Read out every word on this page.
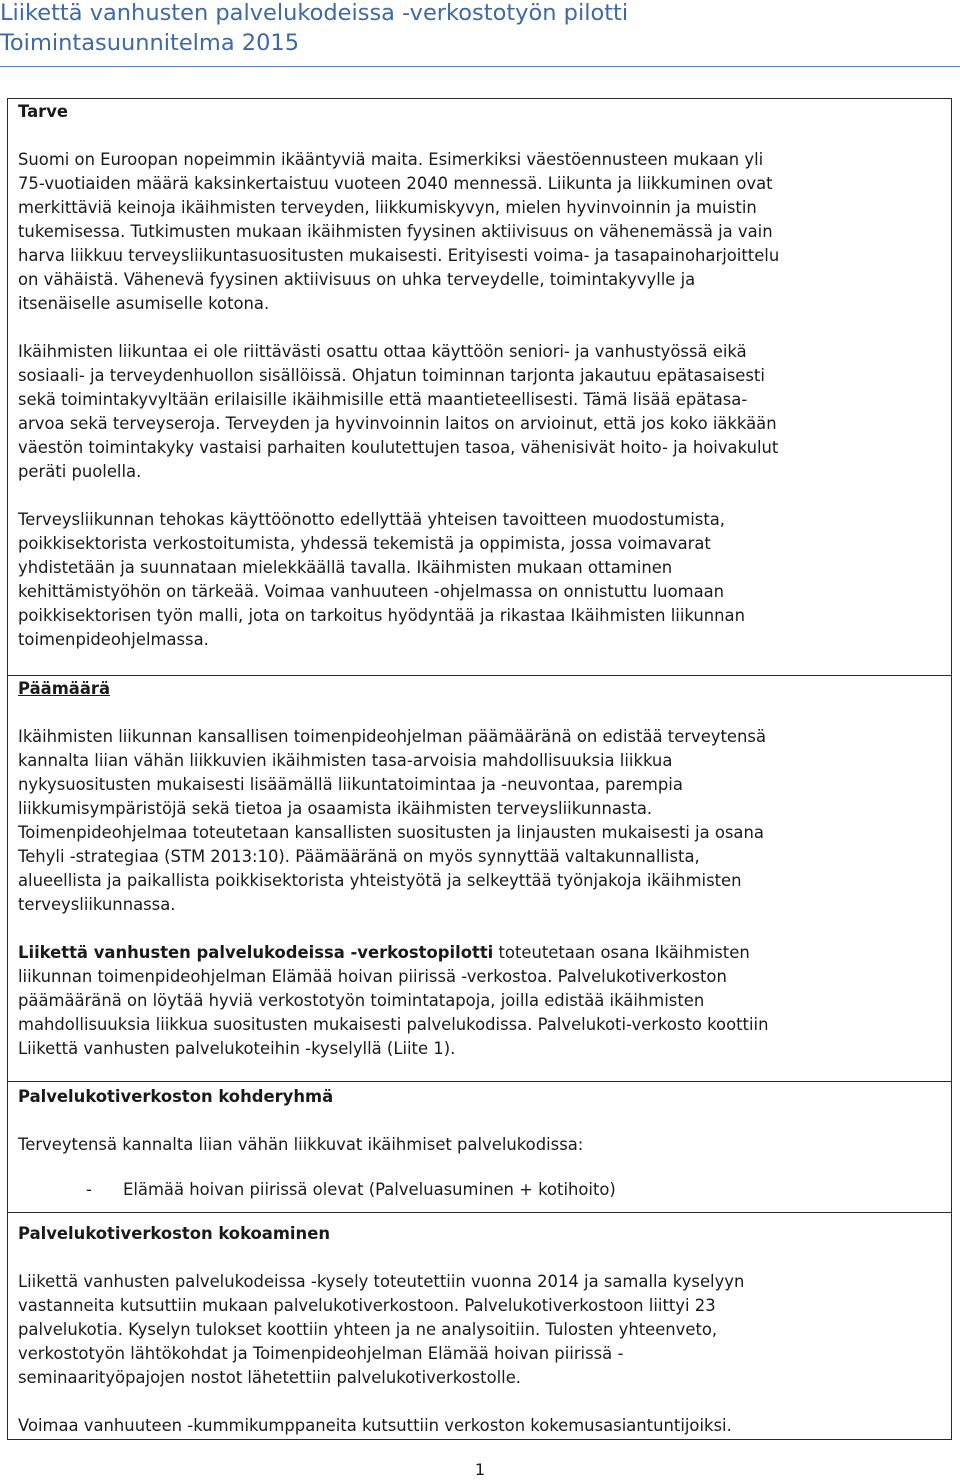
Liikettä vanhusten palvelukodeissa -verkostotyön pilotti
Toimintasuunnitelma 2015
Tarve
Suomi on Euroopan nopeimmin ikääntyviä maita. Esimerkiksi väestöennusteen mukaan yli
75-vuotiaiden määrä kaksinkertaistuu vuoteen 2040 mennessä. Liikunta ja liikkuminen ovat
merkittäviä keinoja ikäihmisten terveyden, liikkumiskyvyn, mielen hyvinvoinnin ja muistin
tukemisessa. Tutkimusten mukaan ikäihmisten fyysinen aktiivisuus on vähenemässä ja vain
harva liikkuu terveysliikuntasuositusten mukaisesti. Erityisesti voima- ja tasapainoharjoittelu
on vähäistä. Vähenevä fyysinen aktiivisuus on uhka terveydelle, toimintakyvylle ja
itsenäiselle asumiselle kotona.
Ikäihmisten liikuntaa ei ole riittävästi osattu ottaa käyttöön seniori- ja vanhustyössä eikä
sosiaali- ja terveydenhuollon sisällöissä. Ohjatun toiminnan tarjonta jakautuu epätasaisesti
sekä toimintakyvyltään erilaisille ikäihmisille että maantieteellisesti. Tämä lisää epätasa-
arvoa sekä terveyseroja. Terveyden ja hyvinvoinnin laitos on arvioinut, että jos koko iäkkään
väestön toimintakyky vastaisi parhaiten koulutettujen tasoa, vähenisivät hoito- ja hoivakulut
peräti puolella.
Terveysliikunnan tehokas käyttöönotto edellyttää yhteisen tavoitteen muodostumista,
poikkisektorista verkostoitumista, yhdessä tekemistä ja oppimista, jossa voimavarat
yhdistetään ja suunnataan mielekkäällä tavalla. Ikäihmisten mukaan ottaminen
kehittämistyöhön on tärkeää. Voimaa vanhuuteen -ohjelmassa on onnistuttu luomaan
poikkisektorisen työn malli, jota on tarkoitus hyödyntää ja rikastaa Ikäihmisten liikunnan
toimenpideohjelmassa.
Päämäärä
Ikäihmisten liikunnan kansallisen toimenpideohjelman päämääränä on edistää terveytensä
kannalta liian vähän liikkuvien ikäihmisten tasa-arvoisia mahdollisuuksia liikkua
nykysuositusten mukaisesti lisäämällä liikuntatoimintaa ja -neuvontaa, parempia
liikkumisympäristöjä sekä tietoa ja osaamista ikäihmisten terveysliikunnasta.
Toimenpideohjelmaa toteutetaan kansallisten suositusten ja linjausten mukaisesti ja osana
Tehyli -strategiaa (STM 2013:10). Päämääränä on myös synnyttää valtakunnallista,
alueellista ja paikallista poikkisektorista yhteistyötä ja selkeyttää työnjakoja ikäihmisten
terveysliikunnassa.
Liikettä vanhusten palvelukodeissa -verkostopilotti toteutetaan osana Ikäihmisten
liikunnan toimenpideohjelman Elämää hoivan piirissä -verkostoa. Palvelukotiverkoston
päämääränä on löytää hyviä verkostotyön toimintatapoja, joilla edistää ikäihmisten
mahdollisuuksia liikkua suositusten mukaisesti palvelukodissa. Palvelukoti-verkosto koottiin
Liikettä vanhusten palvelukoteihin -kyselyllä (Liite 1).
Palvelukotiverkoston kohderyhmä
Terveytensä kannalta liian vähän liikkuvat ikäihmiset palvelukodissa:
-	Elämää hoivan piirissä olevat (Palveluasuminen + kotihoito)
Palvelukotiverkoston kokoaminen
Liikettä vanhusten palvelukodeissa -kysely toteutettiin vuonna 2014 ja samalla kyselyyn
vastanneita kutsuttiin mukaan palvelukotiverkostoon. Palvelukotiverkostoon liittyi 23
palvelukotia. Kyselyn tulokset koottiin yhteen ja ne analysoitiin. Tulosten yhteenveto,
verkostotyön lähtökohdat ja Toimenpideohjelman Elämää hoivan piirissä -
seminaarityöpajojen nostot lähetettiin palvelukotiverkostolle.
Voimaa vanhuuteen -kummikumppaneita kutsuttiin verkoston kokemusasiantuntijoiksi.
1
